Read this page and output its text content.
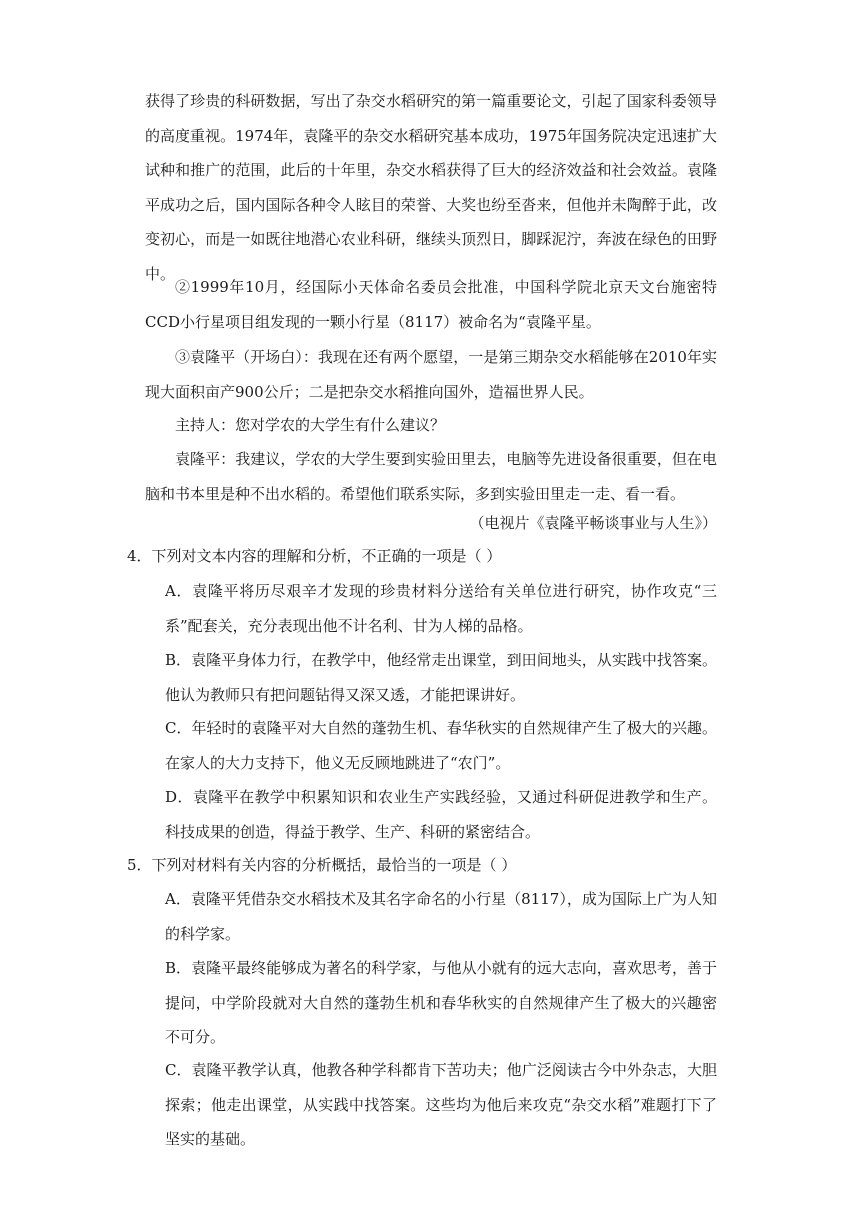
获得了珍贵的科研数据，写出了杂交水稻研究的第一篇重要论文，引起了国家科委领导的高度重视。1974年，袁隆平的杂交水稻研究基本成功，1975年国务院决定迅速扩大试种和推广的范围，此后的十年里，杂交水稻获得了巨大的经济效益和社会效益。袁隆平成功之后，国内国际各种令人眩目的荣誉、大奖也纷至沓来，但他并未陶醉于此，改变初心，而是一如既往地潜心农业科研，继续头顶烈日，脚踩泥泞，奔波在绿色的田野中。

②1999年10月，经国际小天体命名委员会批准，中国科学院北京天文台施密特CCD小行星项目组发现的一颗小行星（8117）被命名为“袁隆平星。

③袁隆平（开场白）：我现在还有两个愿望，一是第三期杂交水稻能够在2010年实现大面积亩产900公斤；二是把杂交水稻推向国外，造福世界人民。

主持人：您对学农的大学生有什么建议？

袁隆平：我建议，学农的大学生要到实验田里去，电脑等先进设备很重要，但在电脑和书本里是种不出水稻的。希望他们联系实际，多到实验田里走一走、看一看。

（电视片《袁隆平畅谈事业与人生》）

4．下列对文本内容的理解和分析，不正确的一项是（ ）

A．袁隆平将历尽艰辛才发现的珍贵材料分送给有关单位进行研究，协作攻克“三系”配套关，充分表现出他不计名利、甘为人梯的品格。

B．袁隆平身体力行，在教学中，他经常走出课堂，到田间地头，从实践中找答案。他认为教师只有把问题钻得又深又透，才能把课讲好。

C．年轻时的袁隆平对大自然的蓬勃生机、春华秋实的自然规律产生了极大的兴趣。在家人的大力支持下，他义无反顾地跳进了“农门”。

D．袁隆平在教学中积累知识和农业生产实践经验，又通过科研促进教学和生产。科技成果的创造，得益于教学、生产、科研的紧密结合。

5．下列对材料有关内容的分析概括，最恰当的一项是（ ）

A．袁隆平凭借杂交水稻技术及其名字命名的小行星（8117），成为国际上广为人知的科学家。

B．袁隆平最终能够成为著名的科学家，与他从小就有的远大志向，喜欢思考，善于提问，中学阶段就对大自然的蓬勃生机和春华秋实的自然规律产生了极大的兴趣密不可分。

C．袁隆平教学认真，他教各种学科都肯下苦功夫；他广泛阅读古今中外杂志，大胆探索；他走出课堂，从实践中找答案。这些均为他后来攻克“杂交水稻”难题打下了坚实的基础。
